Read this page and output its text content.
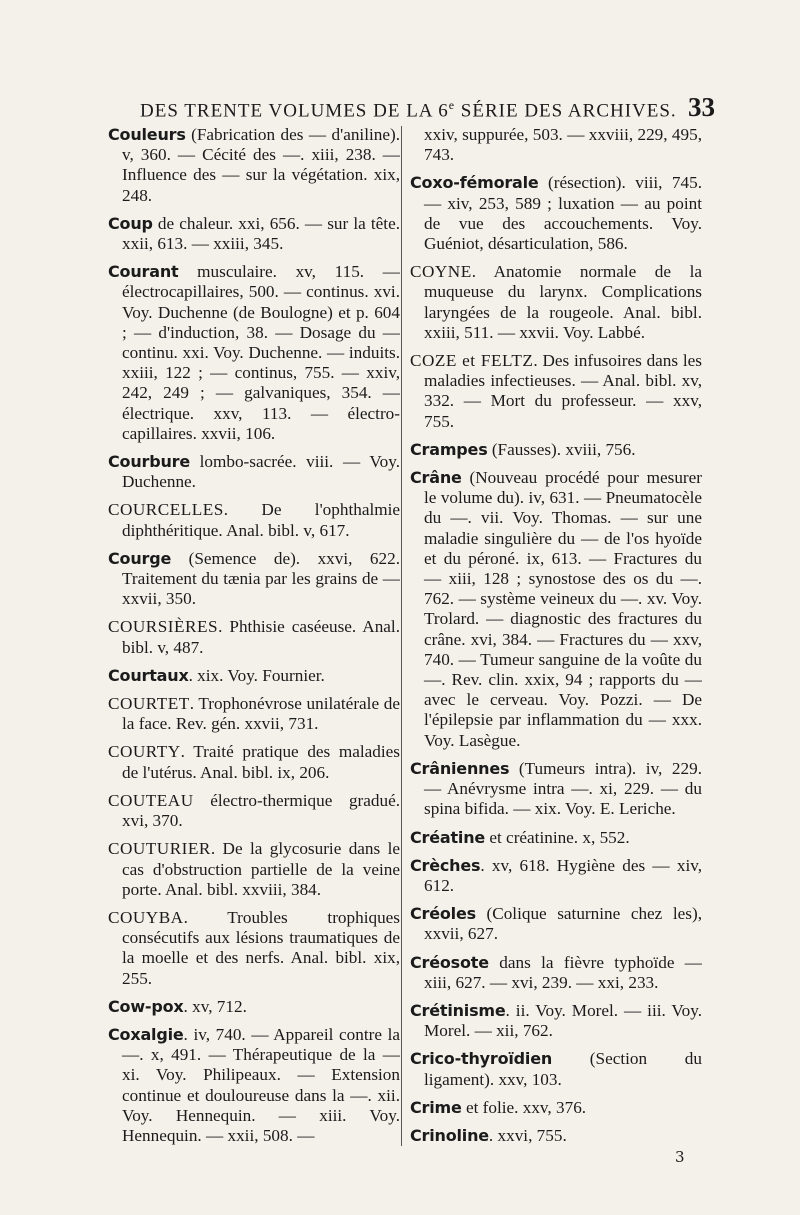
DES TRENTE VOLUMES DE LA 6e SÉRIE DES ARCHIVES. 33

Couleurs (Fabrication des — d'aniline). v, 360. — Cécité des —. xiii, 238. — Influence des — sur la végétation. xix, 248.

Coup de chaleur. xxi, 656. — sur la tête. xxii, 613. — xxiii, 345.

Courant musculaire. xv, 115. — électrocapillaires, 500. — continus. xvi. Voy. Duchenne (de Boulogne) et p. 604 ; — d'induction, 38. — Dosage du — continu. xxi. Voy. Duchenne. — induits. xxiii, 122 ; — continus, 755. — xxiv, 242, 249 ; — galvaniques, 354. — électrique. xxv, 113. — électro-capillaires. xxvii, 106.

Courbure lombo-sacrée. viii. — Voy. Duchenne.

COURCELLES. De l'ophthalmie diphthéritique. Anal. bibl. v, 617.

Courge (Semence de). xxvi, 622. Traitement du tænia par les grains de — xxvii, 350.

COURSIÈRES. Phthisie caséeuse. Anal. bibl. v, 487.

Courtaux. xix. Voy. Fournier.

COURTET. Trophonévrose unilatérale de la face. Rev. gén. xxvii, 731.

COURTY. Traité pratique des maladies de l'utérus. Anal. bibl. ix, 206.

COUTEAU électro-thermique gradué. xvi, 370.

COUTURIER. De la glycosurie dans le cas d'obstruction partielle de la veine porte. Anal. bibl. xxviii, 384.

COUYBA. Troubles trophiques consécutifs aux lésions traumatiques de la moelle et des nerfs. Anal. bibl. xix, 255.

Cow-pox. xv, 712.

Coxalgie. iv, 740. — Appareil contre la —. x, 491. — Thérapeutique de la — xi. Voy. Philipeaux. — Extension continue et douloureuse dans la —. xii. Voy. Hennequin. — xiii. Voy. Hennequin. — xxii, 508. —

xxiv, suppurée, 503. — xxviii, 229, 495, 743.

Coxo-fémorale (résection). viii, 745. — xiv, 253, 589 ; luxation — au point de vue des accouchements. Voy. Guéniot, désarticulation, 586.

COYNE. Anatomie normale de la muqueuse du larynx. Complications laryngées de la rougeole. Anal. bibl. xxiii, 511. — xxvii. Voy. Labbé.

COZE et FELTZ. Des infusoires dans les maladies infectieuses. — Anal. bibl. xv, 332. — Mort du professeur. — xxv, 755.

Crampes (Fausses). xviii, 756.

Crâne (Nouveau procédé pour mesurer le volume du). iv, 631. — Pneumatocèle du —. vii. Voy. Thomas. — sur une maladie singulière du — de l'os hyoïde et du péroné. ix, 613. — Fractures du — xiii, 128 ; synostose des os du —. 762. — système veineux du —. xv. Voy. Trolard. — diagnostic des fractures du crâne. xvi, 384. — Fractures du — xxv, 740. — Tumeur sanguine de la voûte du —. Rev. clin. xxix, 94 ; rapports du — avec le cerveau. Voy. Pozzi. — De l'épilepsie par inflammation du — xxx. Voy. Lasègue.

Crâniennes (Tumeurs intra). iv, 229. — Anévrysme intra —. xi, 229. — du spina bifida. — xix. Voy. E. Leriche.

Créatine et créatinine. x, 552.

Crèches. xv, 618. Hygiène des — xiv, 612.

Créoles (Colique saturnine chez les), xxvii, 627.

Créosote dans la fièvre typhoïde — xiii, 627. — xvi, 239. — xxi, 233.

Crétinisme. ii. Voy. Morel. — iii. Voy. Morel. — xii, 762.

Crico-thyroïdien (Section du ligament). xxv, 103.

Crime et folie. xxv, 376.

Crinoline. xxvi, 755.

3
